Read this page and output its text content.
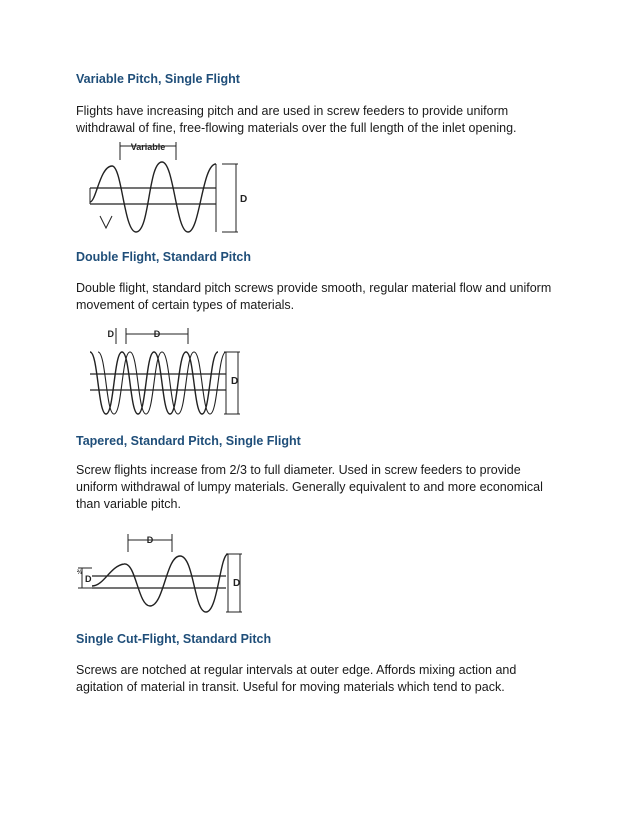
Variable Pitch, Single Flight
Flights have increasing pitch and are used in screw feeders to provide uniform
withdrawal of fine, free-flowing materials over the full length of the inlet opening.
Variable
D
Double Flight, Standard Pitch
Double flight, standard pitch screws provide smooth, regular material flow and uniform
movement of certain types of materials.
D	D
D
Tapered, Standard Pitch, Single Flight
Screw flights increase from 2/3 to full diameter. Used in screw feeders to provide
uniform withdrawal of lumpy materials. Generally equivalent to and more economical
than variable pitch.
D
⅔
D	D
Single Cut-Flight, Standard Pitch
Screws are notched at regular intervals at outer edge. Affords mixing action and
agitation of material in transit. Useful for moving materials which tend to pack.
